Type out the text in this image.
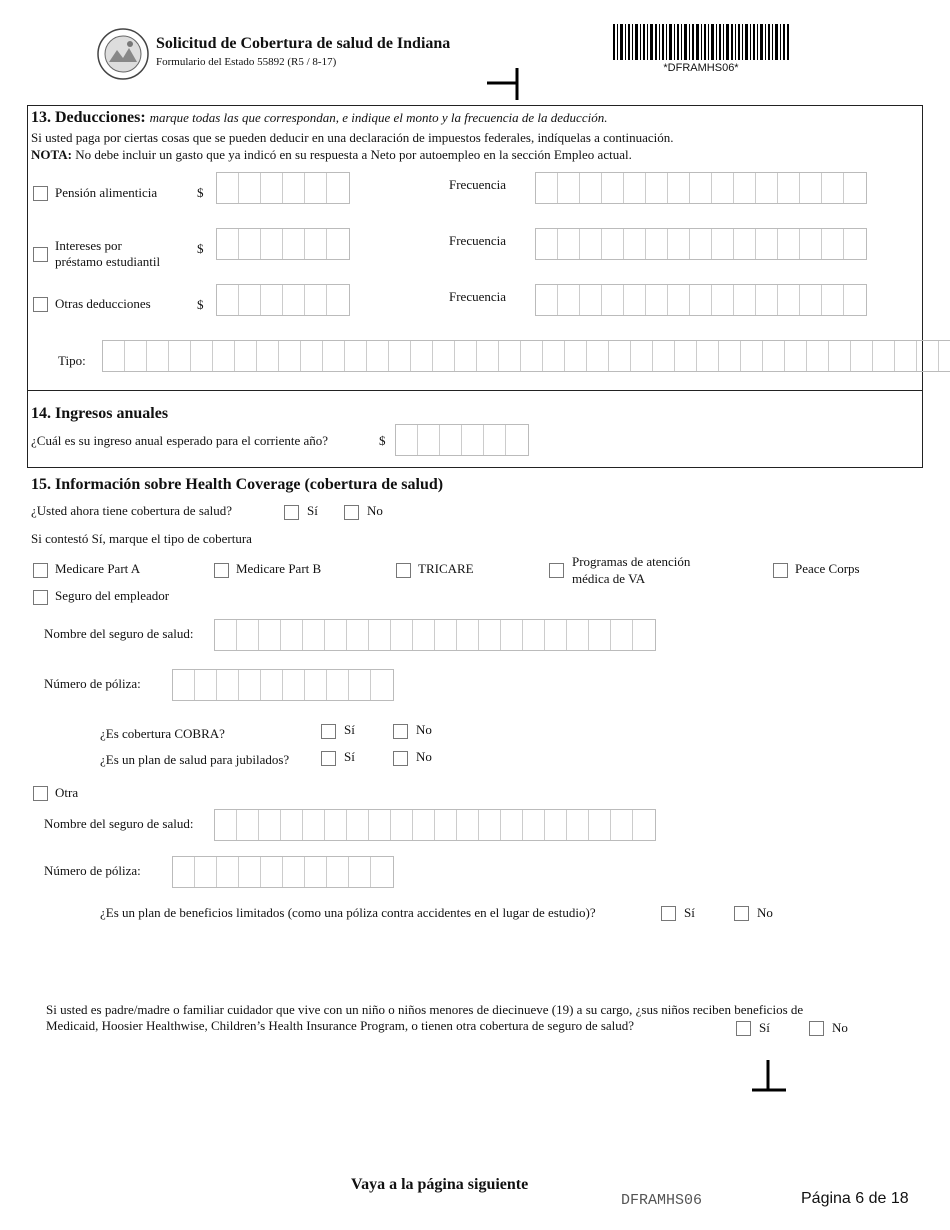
Solicitud de Cobertura de salud de Indiana
Formulario del Estado 55892 (R5 / 8-17)	*DFRAMHS06*
13. Deducciones: marque todas las que correspondan, e indique el monto y la frecuencia de la deducción.
Si usted paga por ciertas cosas que se pueden deducir en una declaración de impuestos federales, indíquelas a continuación.
NOTA: No debe incluir un gasto que ya indicó en su respuesta a Neto por autoempleo en la sección Empleo actual.
Pensión alimenticia	$
Frecuencia
Intereses por
préstamo estudiantil
$
Frecuencia
Otras deducciones	$
Frecuencia
Tipo:
14. Ingresos anuales
¿Cuál es su ingreso anual esperado para el corriente año?	$
15. Información sobre Health Coverage (cobertura de salud)
¿Usted ahora tiene cobertura de salud?	Sí	No
Si contestó Sí, marque el tipo de cobertura
Medicare Part A	Medicare Part B	TRICARE	Programas de atención
médica de VA
Peace Corps
Seguro del empleador
Nombre del seguro de salud:
Número de póliza:
¿Es cobertura COBRA?	Sí	No
¿Es un plan de salud para jubilados?	Sí	No
Otra
Nombre del seguro de salud:
Número de póliza:
¿Es un plan de beneficios limitados (como una póliza contra accidentes en el lugar de estudio)?	Sí	No
Si usted es padre/madre o familiar cuidador que vive con un niño o niños menores de diecinueve (19) a su cargo, ¿sus niños reciben beneficios de
Medicaid, Hoosier Healthwise, Children’s Health Insurance Program, o tienen otra cobertura de seguro de salud?	Sí	No
Vaya a la página siguiente
DFRAMHS06	Página 6 de 18
